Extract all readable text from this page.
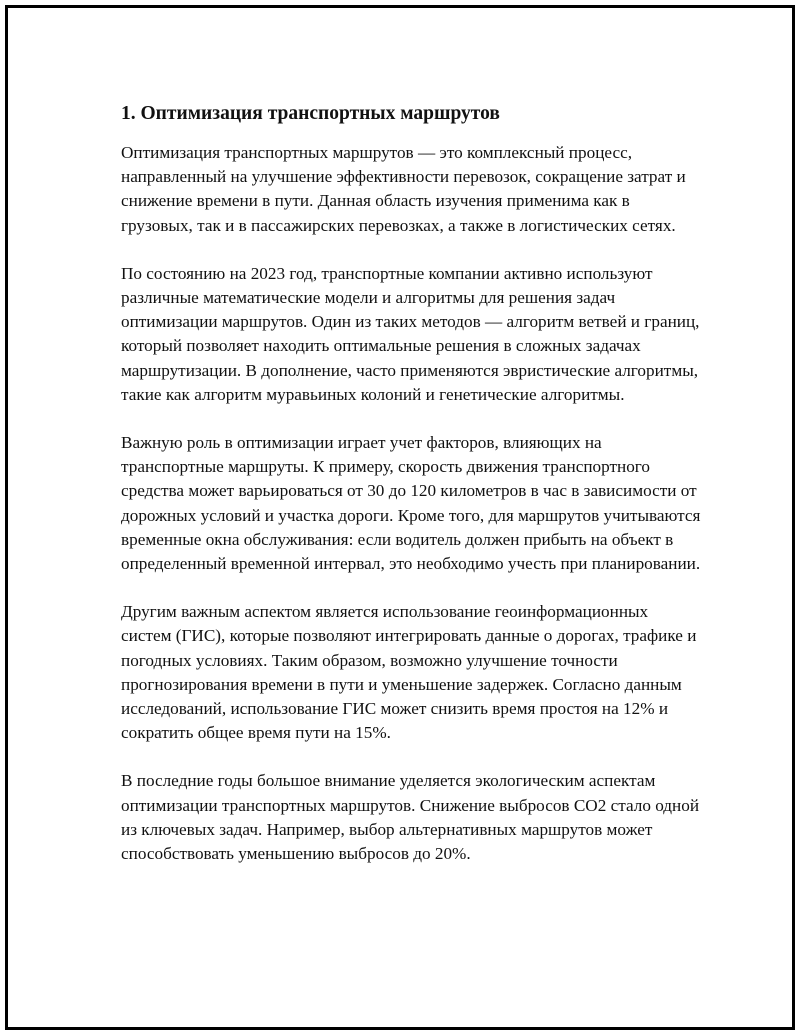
1. Оптимизация транспортных маршрутов

Оптимизация транспортных маршрутов — это комплексный процесс, направленный на улучшение эффективности перевозок, сокращение затрат и снижение времени в пути. Данная область изучения применима как в грузовых, так и в пассажирских перевозках, а также в логистических сетях.

По состоянию на 2023 год, транспортные компании активно используют различные математические модели и алгоритмы для решения задач оптимизации маршрутов. Один из таких методов — алгоритм ветвей и границ, который позволяет находить оптимальные решения в сложных задачах маршрутизации. В дополнение, часто применяются эвристические алгоритмы, такие как алгоритм муравьиных колоний и генетические алгоритмы.

Важную роль в оптимизации играет учет факторов, влияющих на транспортные маршруты. К примеру, скорость движения транспортного средства может варьироваться от 30 до 120 километров в час в зависимости от дорожных условий и участка дороги. Кроме того, для маршрутов учитываются временные окна обслуживания: если водитель должен прибыть на объект в определенный временной интервал, это необходимо учесть при планировании.

Другим важным аспектом является использование геоинформационных систем (ГИС), которые позволяют интегрировать данные о дорогах, трафике и погодных условиях. Таким образом, возможно улучшение точности прогнозирования времени в пути и уменьшение задержек. Согласно данным исследований, использование ГИС может снизить время простоя на 12% и сократить общее время пути на 15%.

В последние годы большое внимание уделяется экологическим аспектам оптимизации транспортных маршрутов. Снижение выбросов CO2 стало одной из ключевых задач. Например, выбор альтернативных маршрутов может способствовать уменьшению выбросов до 20%.
